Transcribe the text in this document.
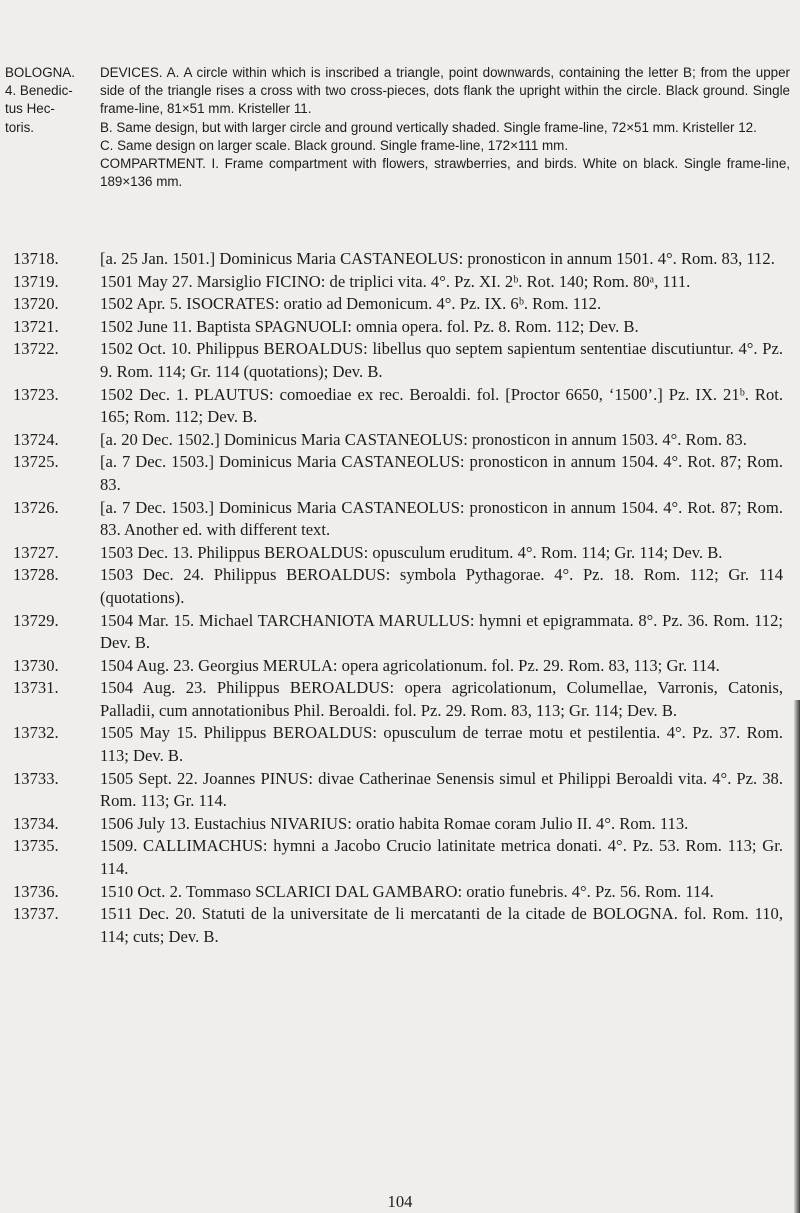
BOLOGNA.
4. Benedic-
tus Hec-
toris.

DEVICES. A. A circle within which is inscribed a triangle, point downwards, containing the letter B; from the upper side of the triangle rises a cross with two cross-pieces, dots flank the upright within the circle. Black ground. Single frame-line, 81×51 mm. Kristeller 11.

B. Same design, but with larger circle and ground vertically shaded. Single frame-line, 72×51 mm. Kristeller 12.

C. Same design on larger scale. Black ground. Single frame-line, 172×111 mm.

COMPARTMENT. I. Frame compartment with flowers, strawberries, and birds. White on black. Single frame-line, 189×136 mm.

13718. [a. 25 Jan. 1501.] Dominicus Maria CASTANEOLUS: pronosticon in annum 1501. 4°. Rom. 83, 112.
13719. 1501 May 27. Marsiglio FICINO: de triplici vita. 4°. Pz. XI. 2ᵇ. Rot. 140; Rom. 80ᵃ, 111.
13720. 1502 Apr. 5. ISOCRATES: oratio ad Demonicum. 4°. Pz. IX. 6ᵇ. Rom. 112.
13721. 1502 June 11. Baptista SPAGNUOLI: omnia opera. fol. Pz. 8. Rom. 112; Dev. B.
13722. 1502 Oct. 10. Philippus BEROALDUS: libellus quo septem sapientum sententiae discutiuntur. 4°. Pz. 9. Rom. 114; Gr. 114 (quotations); Dev. B.
13723. 1502 Dec. 1. PLAUTUS: comoediae ex rec. Beroaldi. fol. [Proctor 6650, ‘1500’.] Pz. IX. 21ᵇ. Rot. 165; Rom. 112; Dev. B.
13724. [a. 20 Dec. 1502.] Dominicus Maria CASTANEOLUS: pronosticon in annum 1503. 4°. Rom. 83.
13725. [a. 7 Dec. 1503.] Dominicus Maria CASTANEOLUS: pronosticon in annum 1504. 4°. Rot. 87; Rom. 83.
13726. [a. 7 Dec. 1503.] Dominicus Maria CASTANEOLUS: pronosticon in annum 1504. 4°. Rot. 87; Rom. 83. Another ed. with different text.
13727. 1503 Dec. 13. Philippus BEROALDUS: opusculum eruditum. 4°. Rom. 114; Gr. 114; Dev. B.
13728. 1503 Dec. 24. Philippus BEROALDUS: symbola Pythagorae. 4°. Pz. 18. Rom. 112; Gr. 114 (quotations).
13729. 1504 Mar. 15. Michael TARCHANIOTA MARULLUS: hymni et epigrammata. 8°. Pz. 36. Rom. 112; Dev. B.
13730. 1504 Aug. 23. Georgius MERULA: opera agricolationum. fol. Pz. 29. Rom. 83, 113; Gr. 114.
13731. 1504 Aug. 23. Philippus BEROALDUS: opera agricolationum, Columellae, Varronis, Catonis, Palladii, cum annotationibus Phil. Beroaldi. fol. Pz. 29. Rom. 83, 113; Gr. 114; Dev. B.
13732. 1505 May 15. Philippus BEROALDUS: opusculum de terrae motu et pestilentia. 4°. Pz. 37. Rom. 113; Dev. B.
13733. 1505 Sept. 22. Joannes PINUS: divae Catherinae Senensis simul et Philippi Beroaldi vita. 4°. Pz. 38. Rom. 113; Gr. 114.
13734. 1506 July 13. Eustachius NIVARIUS: oratio habita Romae coram Julio II. 4°. Rom. 113.
13735. 1509. CALLIMACHUS: hymni a Jacobo Crucio latinitate metrica donati. 4°. Pz. 53. Rom. 113; Gr. 114.
13736. 1510 Oct. 2. Tommaso SCLARICI DAL GAMBARO: oratio funebris. 4°. Pz. 56. Rom. 114.
13737. 1511 Dec. 20. Statuti de la universitate de li mercatanti de la citade de BOLOGNA. fol. Rom. 110, 114; cuts; Dev. B.
104
